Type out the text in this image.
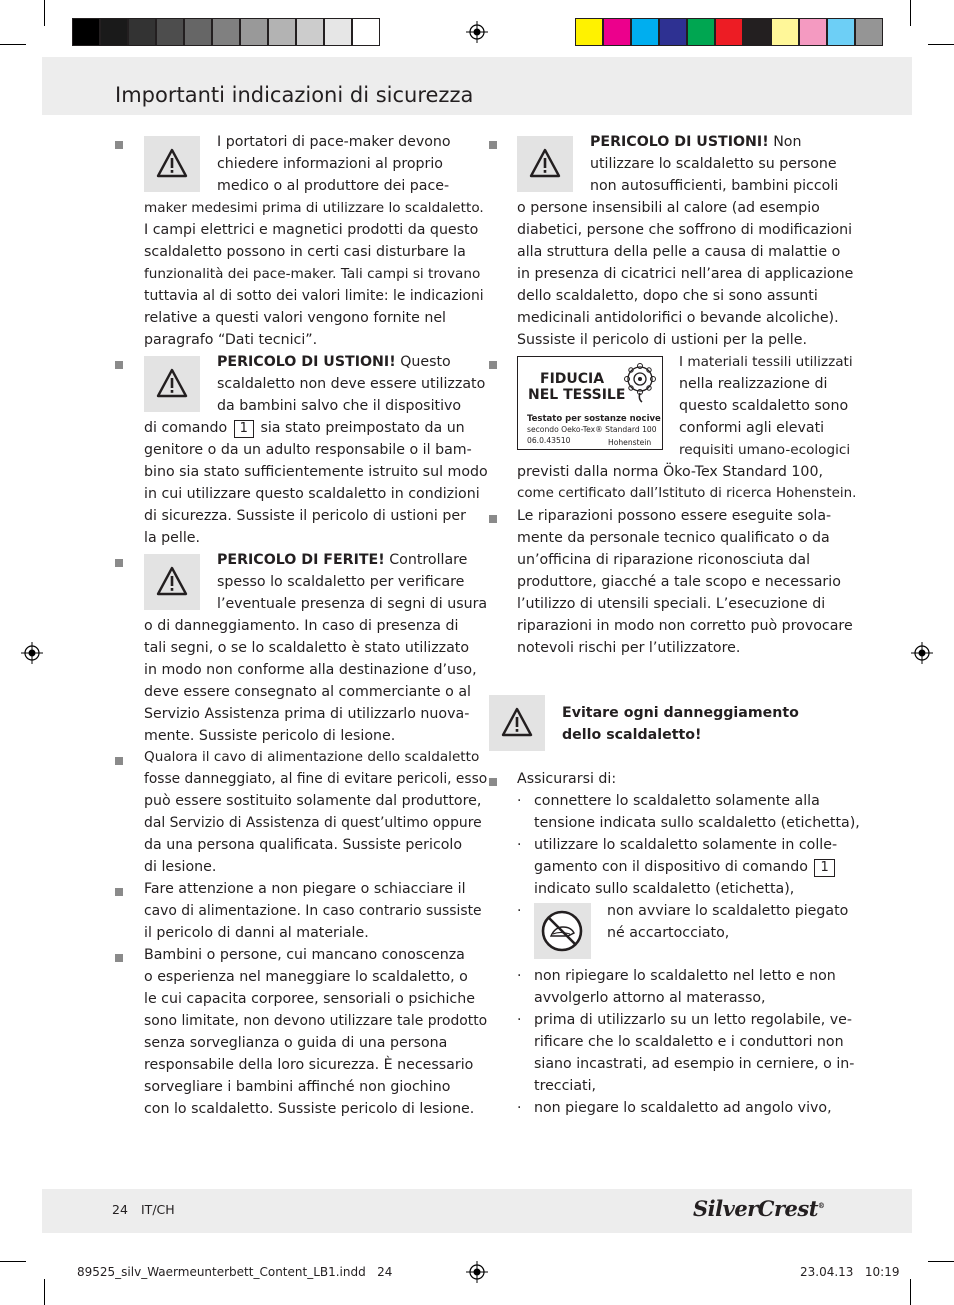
Importanti indicazioni di sicurezza
I portatori di pace-maker devono
chiedere informazioni al proprio
medico o al produttore dei pace-
maker medesimi prima di utilizzare lo scaldaletto.
I campi elettrici e magnetici prodotti da questo
scaldaletto possono in certi casi disturbare la
funzionalità dei pace-maker. Tali campi si trovano
tuttavia al di sotto dei valori limite: le indicazioni
relative a questi valori vengono fornite nel
paragrafo “Dati tecnici”.
PERICOLO DI USTIONI! Questo
scaldaletto non deve essere utilizzato
da bambini salvo che il dispositivo
di comando 1 sia stato preimpostato da un
genitore o da un adulto responsabile o il bam-
bino sia stato sufficientemente istruito sul modo
in cui utilizzare questo scaldaletto in condizioni
di sicurezza. Sussiste il pericolo di ustioni per
la pelle.
PERICOLO DI FERITE! Controllare
spesso lo scaldaletto per verificare
l’eventuale presenza di segni di usura
o di danneggiamento. In caso di presenza di
tali segni, o se lo scaldaletto è stato utilizzato
in modo non conforme alla destinazione d’uso,
deve essere consegnato al commerciante o al
Servizio Assistenza prima di utilizzarlo nuova-
mente. Sussiste pericolo di lesione.
Qualora il cavo di alimentazione dello scaldaletto
fosse danneggiato, al fine di evitare pericoli, esso
può essere sostituito solamente dal produttore,
dal Servizio di Assistenza di quest’ultimo oppure
da una persona qualificata. Sussiste pericolo
di lesione.
Fare attenzione a non piegare o schiacciare il
cavo di alimentazione. In caso contrario sussiste
il pericolo di danni al materiale.
Bambini o persone, cui mancano conoscenza
o esperienza nel maneggiare lo scaldaletto, o
le cui capacita corporee, sensoriali o psichiche
sono limitate, non devono utilizzare tale prodotto
senza sorveglianza o guida di una persona
responsabile della loro sicurezza. È necessario
sorvegliare i bambini affinché non giochino
con lo scaldaletto. Sussiste pericolo di lesione.
PERICOLO DI USTIONI! Non
utilizzare lo scaldaletto su persone
non autosufficienti, bambini piccoli
o persone insensibili al calore (ad esempio
diabetici, persone che soffrono di modificazioni
alla struttura della pelle a causa di malattie o
in presenza di cicatrici nell’area di applicazione
dello scaldaletto, dopo che si sono assunti
medicinali antidolorifici o bevande alcoliche).
Sussiste il pericolo di ustioni per la pelle.
FIDUCIA
NEL TESSILE
Testato per sostanze nocive
secondo Oeko-Tex® Standard 100
06.0.43510	Hohenstein
I materiali tessili utilizzati
nella realizzazione di
questo scaldaletto sono
conformi agli elevati
requisiti umano-ecologici
previsti dalla norma Öko-Tex Standard 100,
come certificato dall’Istituto di ricerca Hohenstein.
Le riparazioni possono essere eseguite sola-
mente da personale tecnico qualificato o da
un’officina di riparazione riconosciuta dal
produttore, giacché a tale scopo e necessario
l’utilizzo di utensili speciali. L’esecuzione di
riparazioni in modo non corretto può provocare
notevoli rischi per l’utilizzatore.
Evitare ogni danneggiamento
dello scaldaletto!
Assicurarsi di:
· connettere lo scaldaletto solamente alla
tensione indicata sullo scaldaletto (etichetta),
· utilizzare lo scaldaletto solamente in colle-
gamento con il dispositivo di comando 1
indicato sullo scaldaletto (etichetta),
·	non avviare lo scaldaletto piegato
né accartocciato,
· non ripiegare lo scaldaletto nel letto e non
avvolgerlo attorno al materasso,
· prima di utilizzarlo su un letto regolabile, ve-
rificare che lo scaldaletto e i conduttori non
siano incastrati, ad esempio in cerniere, o in-
trecciati,
· non piegare lo scaldaletto ad angolo vivo,
24 IT/CH	SilverCrest®
89525_silv_Waermeunterbett_Content_LB1.indd   24	23.04.13   10:19
